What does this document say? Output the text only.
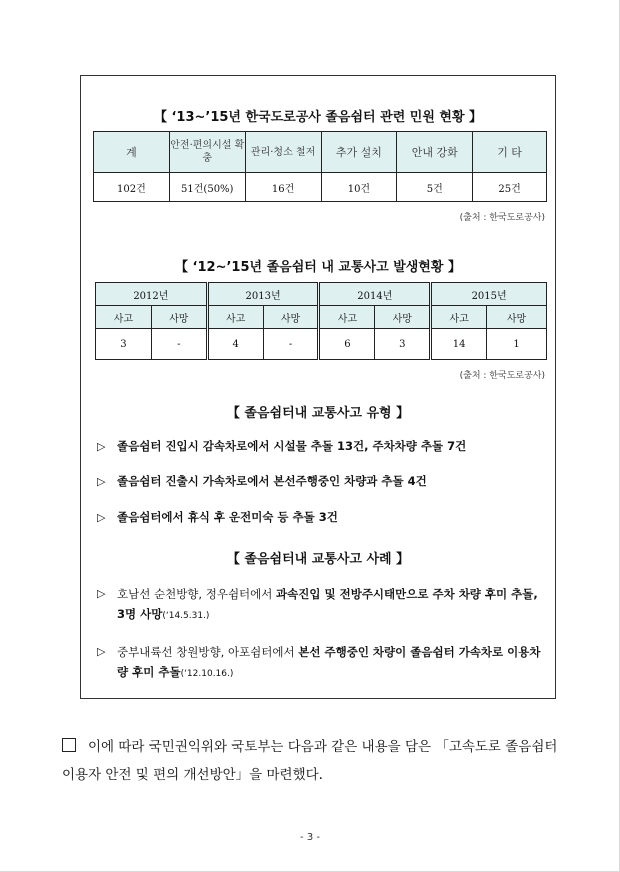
【 ‘13~’15년 한국도로공사 졸음쉼터 관련 민원 현황 】
계	안전·편의시설 확충	관리·청소 철저	추가 설치	안내 강화	기 타
102건	51건(50%)	16건	10건	5건	25건
(출처 : 한국도로공사)
【 ‘12~’15년 졸음쉼터 내 교통사고 발생현황 】
2012년		2013년		2014년		2015년	
사고	사망	사고	사망	사고	사망	사고	사망
3	-	4	-	6	3	14	1
(출처 : 한국도로공사)
【 졸음쉼터내 교통사고 유형 】
▷ 졸음쉼터 진입시 감속차로에서 시설물 추돌 13건, 주차차량 추돌 7건
▷ 졸음쉼터 진출시 가속차로에서 본선주행중인 차량과 추돌 4건
▷ 졸음쉼터에서 휴식 후 운전미숙 등 추돌 3건
【 졸음쉼터내 교통사고 사례 】
▷	호남선 순천방향, 정우쉼터에서 과속진입 및 전방주시태만으로 주차 차량 후미 추돌, 3명 사망(‘14.5.31.)
▷	중부내륙선 창원방향, 아포쉼터에서 본선 주행중인 차량이 졸음쉼터 가속차로 이용차량 후미 추돌(‘12.10.16.)
이에 따라 국민권익위와 국토부는 다음과 같은 내용을 담은 「고속도로 졸음쉼터 이용자 안전 및 편의 개선방안」을 마련했다.
- 3 -
